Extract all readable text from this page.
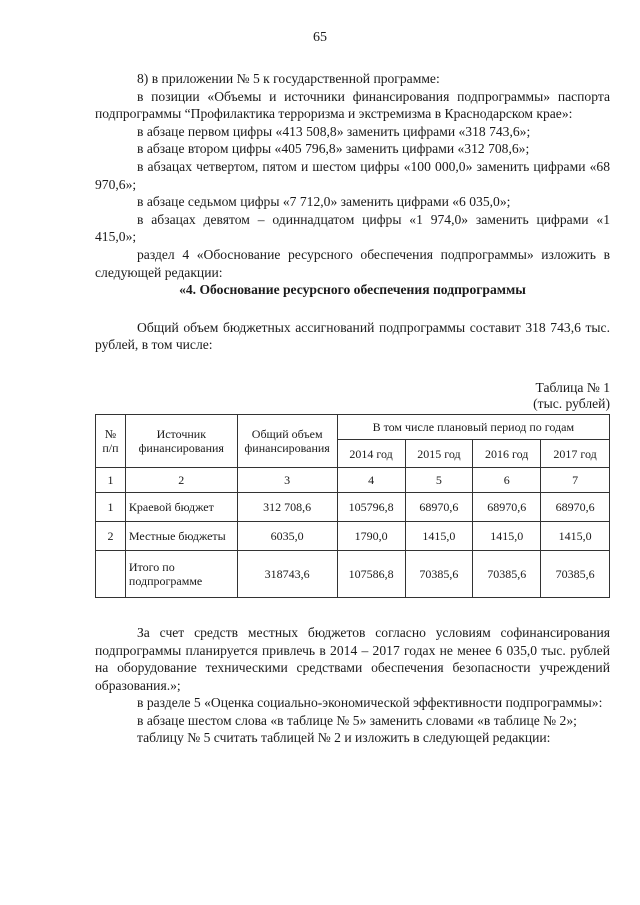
65

8) в приложении № 5 к государственной программе:

в позиции «Объемы и источники финансирования подпрограммы» паспорта подпрограммы “Профилактика терроризма и экстремизма в Краснодарском крае»:

в абзаце первом цифры «413 508,8» заменить цифрами «318 743,6»;

в абзаце втором цифры «405 796,8» заменить цифрами «312 708,6»;

в абзацах четвертом, пятом и шестом цифры «100 000,0» заменить цифрами «68 970,6»;

в абзаце седьмом цифры «7 712,0» заменить цифрами «6 035,0»;

в абзацах девятом – одиннадцатом цифры «1 974,0» заменить цифрами «1 415,0»;

раздел 4 «Обоснование ресурсного обеспечения подпрограммы» изложить в следующей редакции:

«4. Обоснование ресурсного обеспечения подпрограммы

Общий объем бюджетных ассигнований подпрограммы составит 318 743,6 тыс. рублей, в том числе:

Таблица № 1
(тыс. рублей)
№ п/п	Источник финансирования	Общий объем финансирования	В том числе плановый период по годам			
			2014 год	2015 год	2016 год	2017 год
1	2	3	4	5	6	7
1	Краевой бюджет	312 708,6	105796,8	68970,6	68970,6	68970,6
2	Местные бюджеты	6035,0	1790,0	1415,0	1415,0	1415,0
	Итого по подпрограмме	318743,6	107586,8	70385,6	70385,6	70385,6

За счет средств местных бюджетов согласно условиям софинансирования подпрограммы планируется привлечь в 2014 – 2017 годах не менее 6 035,0 тыс. рублей на оборудование техническими средствами обеспечения безопасности учреждений образования.»;

в разделе 5 «Оценка социально-экономической эффективности подпрограммы»:

в абзаце шестом слова «в таблице № 5» заменить словами «в таблице № 2»;

таблицу № 5 считать таблицей № 2 и изложить в следующей редакции:
